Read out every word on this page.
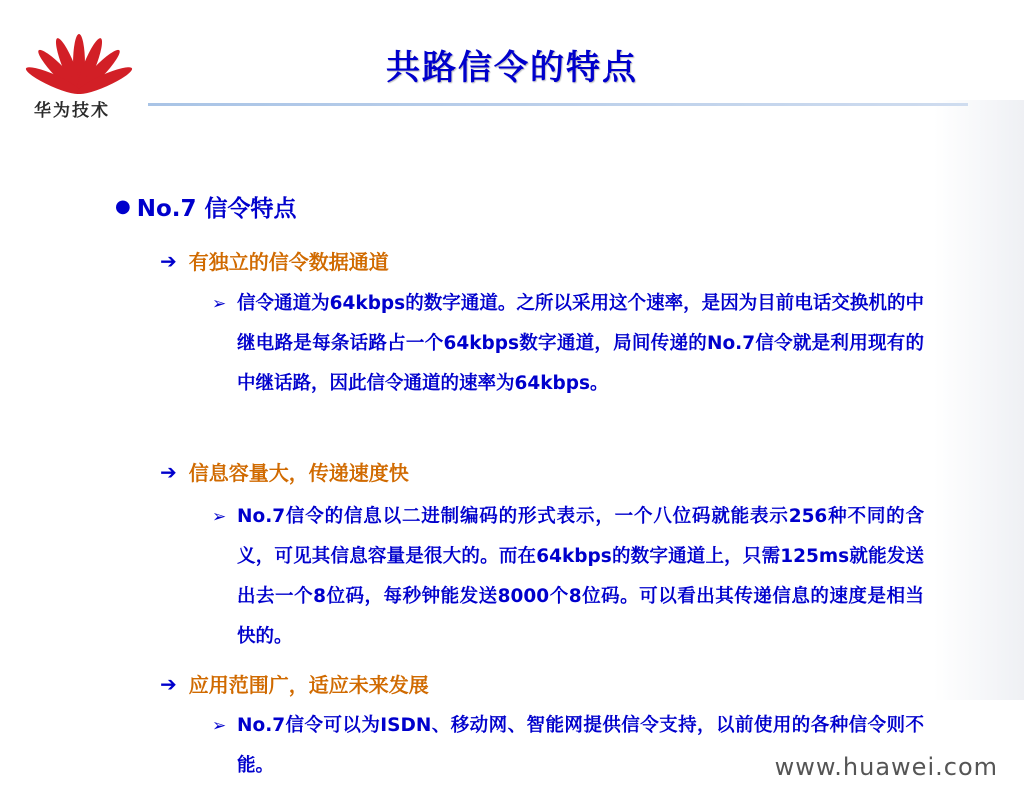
华为技术
共路信令的特点
● No.7 信令特点
➔ 有独立的信令数据通道
➢ 信令通道为64kbps的数字通道。之所以采用这个速率，是因为目前电话交换机的中继电路是每条话路占一个64kbps数字通道，局间传递的No.7信令就是利用现有的中继话路，因此信令通道的速率为64kbps。
➔ 信息容量大，传递速度快
➢ No.7信令的信息以二进制编码的形式表示，一个八位码就能表示256种不同的含义，可见其信息容量是很大的。而在64kbps的数字通道上，只需125ms就能发送出去一个8位码，每秒钟能发送8000个8位码。可以看出其传递信息的速度是相当快的。
➔ 应用范围广，适应未来发展
➢ No.7信令可以为ISDN、移动网、智能网提供信令支持，以前使用的各种信令则不能。	www.huawei.com
